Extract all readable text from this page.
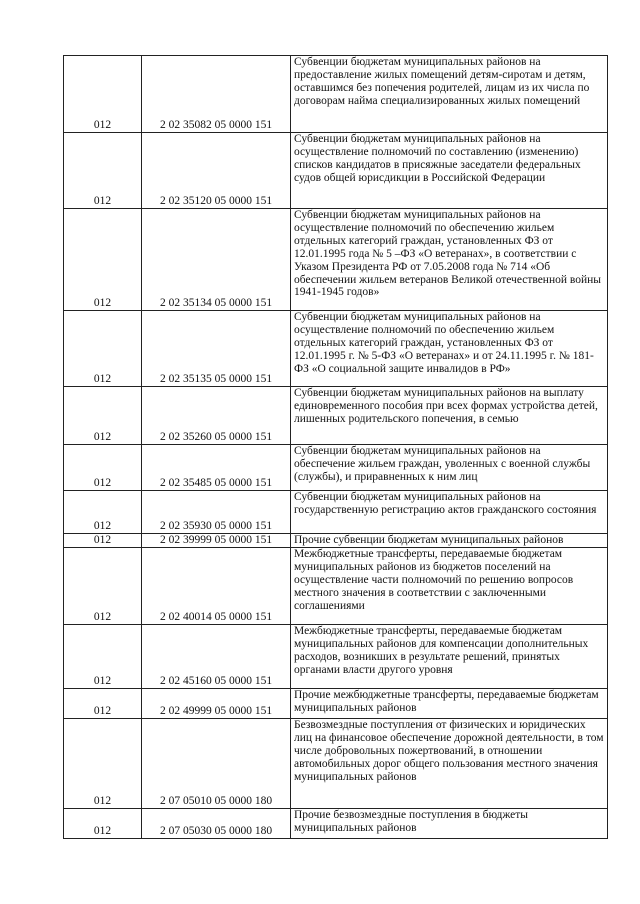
012	2 02 35082 05 0000 151	Субвенции бюджетам муниципальных районов на предоставление жилых помещений детям-сиротам и детям, оставшимся без попечения родителей, лицам из их числа по договорам найма специализированных жилых помещений
012	2 02 35120 05 0000 151	Субвенции бюджетам муниципальных районов на осуществление полномочий по составлению (изменению) списков кандидатов в присяжные заседатели федеральных судов общей юрисдикции в Российской Федерации
012	2 02 35134 05 0000 151	Субвенции бюджетам муниципальных районов на осуществление полномочий по обеспечению жильем отдельных категорий граждан, установленных ФЗ от 12.01.1995 года № 5 –ФЗ «О ветеранах», в соответствии с Указом Президента РФ от 7.05.2008 года № 714 «Об обеспечении жильем ветеранов Великой отечественной войны 1941-1945 годов»
012	2 02 35135 05 0000 151	Субвенции бюджетам муниципальных районов на осуществление полномочий по обеспечению жильем отдельных категорий граждан, установленных ФЗ от 12.01.1995 г. № 5-ФЗ «О ветеранах» и от 24.11.1995 г. № 181-ФЗ «О социальной защите инвалидов в РФ»
012	2 02 35260 05 0000 151	Субвенции бюджетам муниципальных районов на выплату единовременного пособия при всех формах устройства детей, лишенных родительского попечения, в семью
012	2 02 35485 05 0000 151	Субвенции бюджетам муниципальных районов на обеспечение жильем граждан, уволенных с военной службы (службы), и приравненных к ним лиц
012	2 02 35930 05 0000 151	Субвенции бюджетам муниципальных районов на государственную регистрацию актов гражданского состояния
012	2 02 39999 05 0000 151	Прочие субвенции бюджетам муниципальных районов
012	2 02 40014 05 0000 151	Межбюджетные трансферты, передаваемые бюджетам муниципальных районов из бюджетов поселений на осуществление части полномочий по решению вопросов местного значения в соответствии с заключенными соглашениями
012	2 02 45160 05 0000 151	Межбюджетные трансферты, передаваемые бюджетам муниципальных районов для компенсации дополнительных расходов, возникших в результате решений, принятых органами власти другого уровня
012	2 02 49999 05 0000 151	Прочие межбюджетные трансферты, передаваемые бюджетам муниципальных районов
012	2 07 05010 05 0000 180	Безвозмездные поступления от физических и юридических лиц на финансовое обеспечение дорожной деятельности, в том числе добровольных пожертвований, в отношении автомобильных дорог общего пользования местного значения муниципальных районов
012	2 07 05030 05 0000 180	Прочие безвозмездные поступления в бюджеты муниципальных районов
